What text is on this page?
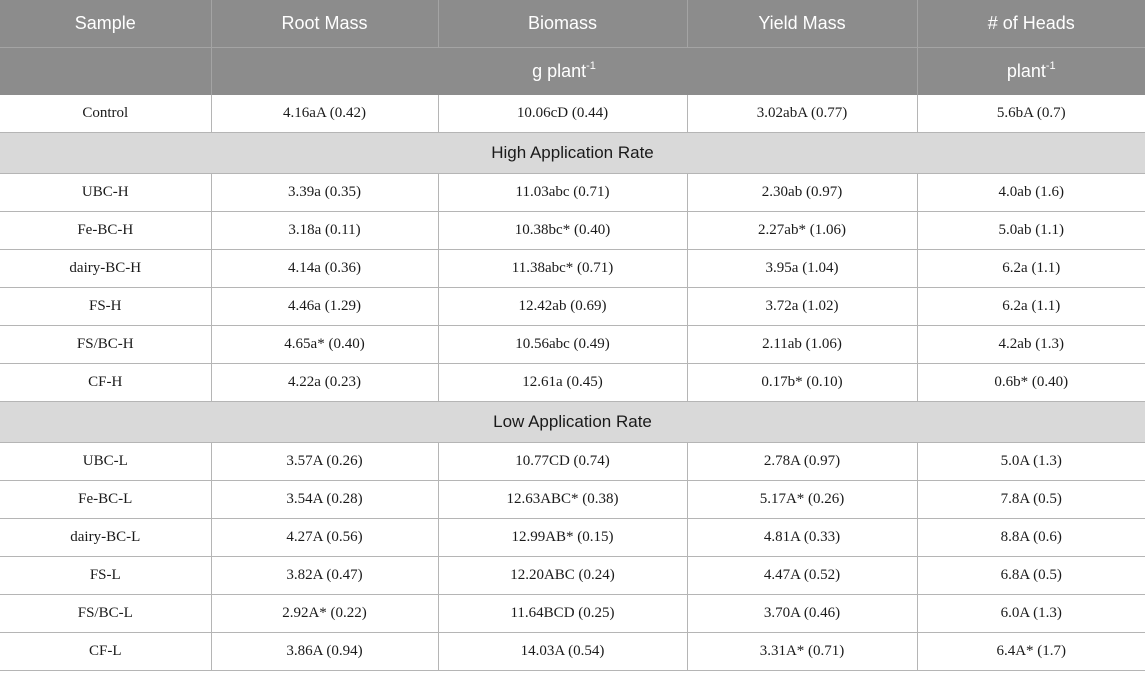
Sample	Root Mass	Biomass	Yield Mass	# of Heads
	g plant$^{-1}$			plant$^{-1}$
Control	4.16aA (0.42)	10.06cD (0.44)	3.02abA (0.77)	5.6bA (0.7)
High Application Rate				
UBC-H	3.39a (0.35)	11.03abc (0.71)	2.30ab (0.97)	4.0ab (1.6)
Fe-BC-H	3.18a (0.11)	10.38bc* (0.40)	2.27ab* (1.06)	5.0ab (1.1)
dairy-BC-H	4.14a (0.36)	11.38abc* (0.71)	3.95a (1.04)	6.2a (1.1)
FS-H	4.46a (1.29)	12.42ab (0.69)	3.72a (1.02)	6.2a (1.1)
FS/BC-H	4.65a* (0.40)	10.56abc (0.49)	2.11ab (1.06)	4.2ab (1.3)
CF-H	4.22a (0.23)	12.61a (0.45)	0.17b* (0.10)	0.6b* (0.40)
Low Application Rate				
UBC-L	3.57A (0.26)	10.77CD (0.74)	2.78A (0.97)	5.0A (1.3)
Fe-BC-L	3.54A (0.28)	12.63ABC* (0.38)	5.17A* (0.26)	7.8A (0.5)
dairy-BC-L	4.27A (0.56)	12.99AB* (0.15)	4.81A (0.33)	8.8A (0.6)
FS-L	3.82A (0.47)	12.20ABC (0.24)	4.47A (0.52)	6.8A (0.5)
FS/BC-L	2.92A* (0.22)	11.64BCD (0.25)	3.70A (0.46)	6.0A (1.3)
CF-L	3.86A (0.94)	14.03A (0.54)	3.31A* (0.71)	6.4A* (1.7)
